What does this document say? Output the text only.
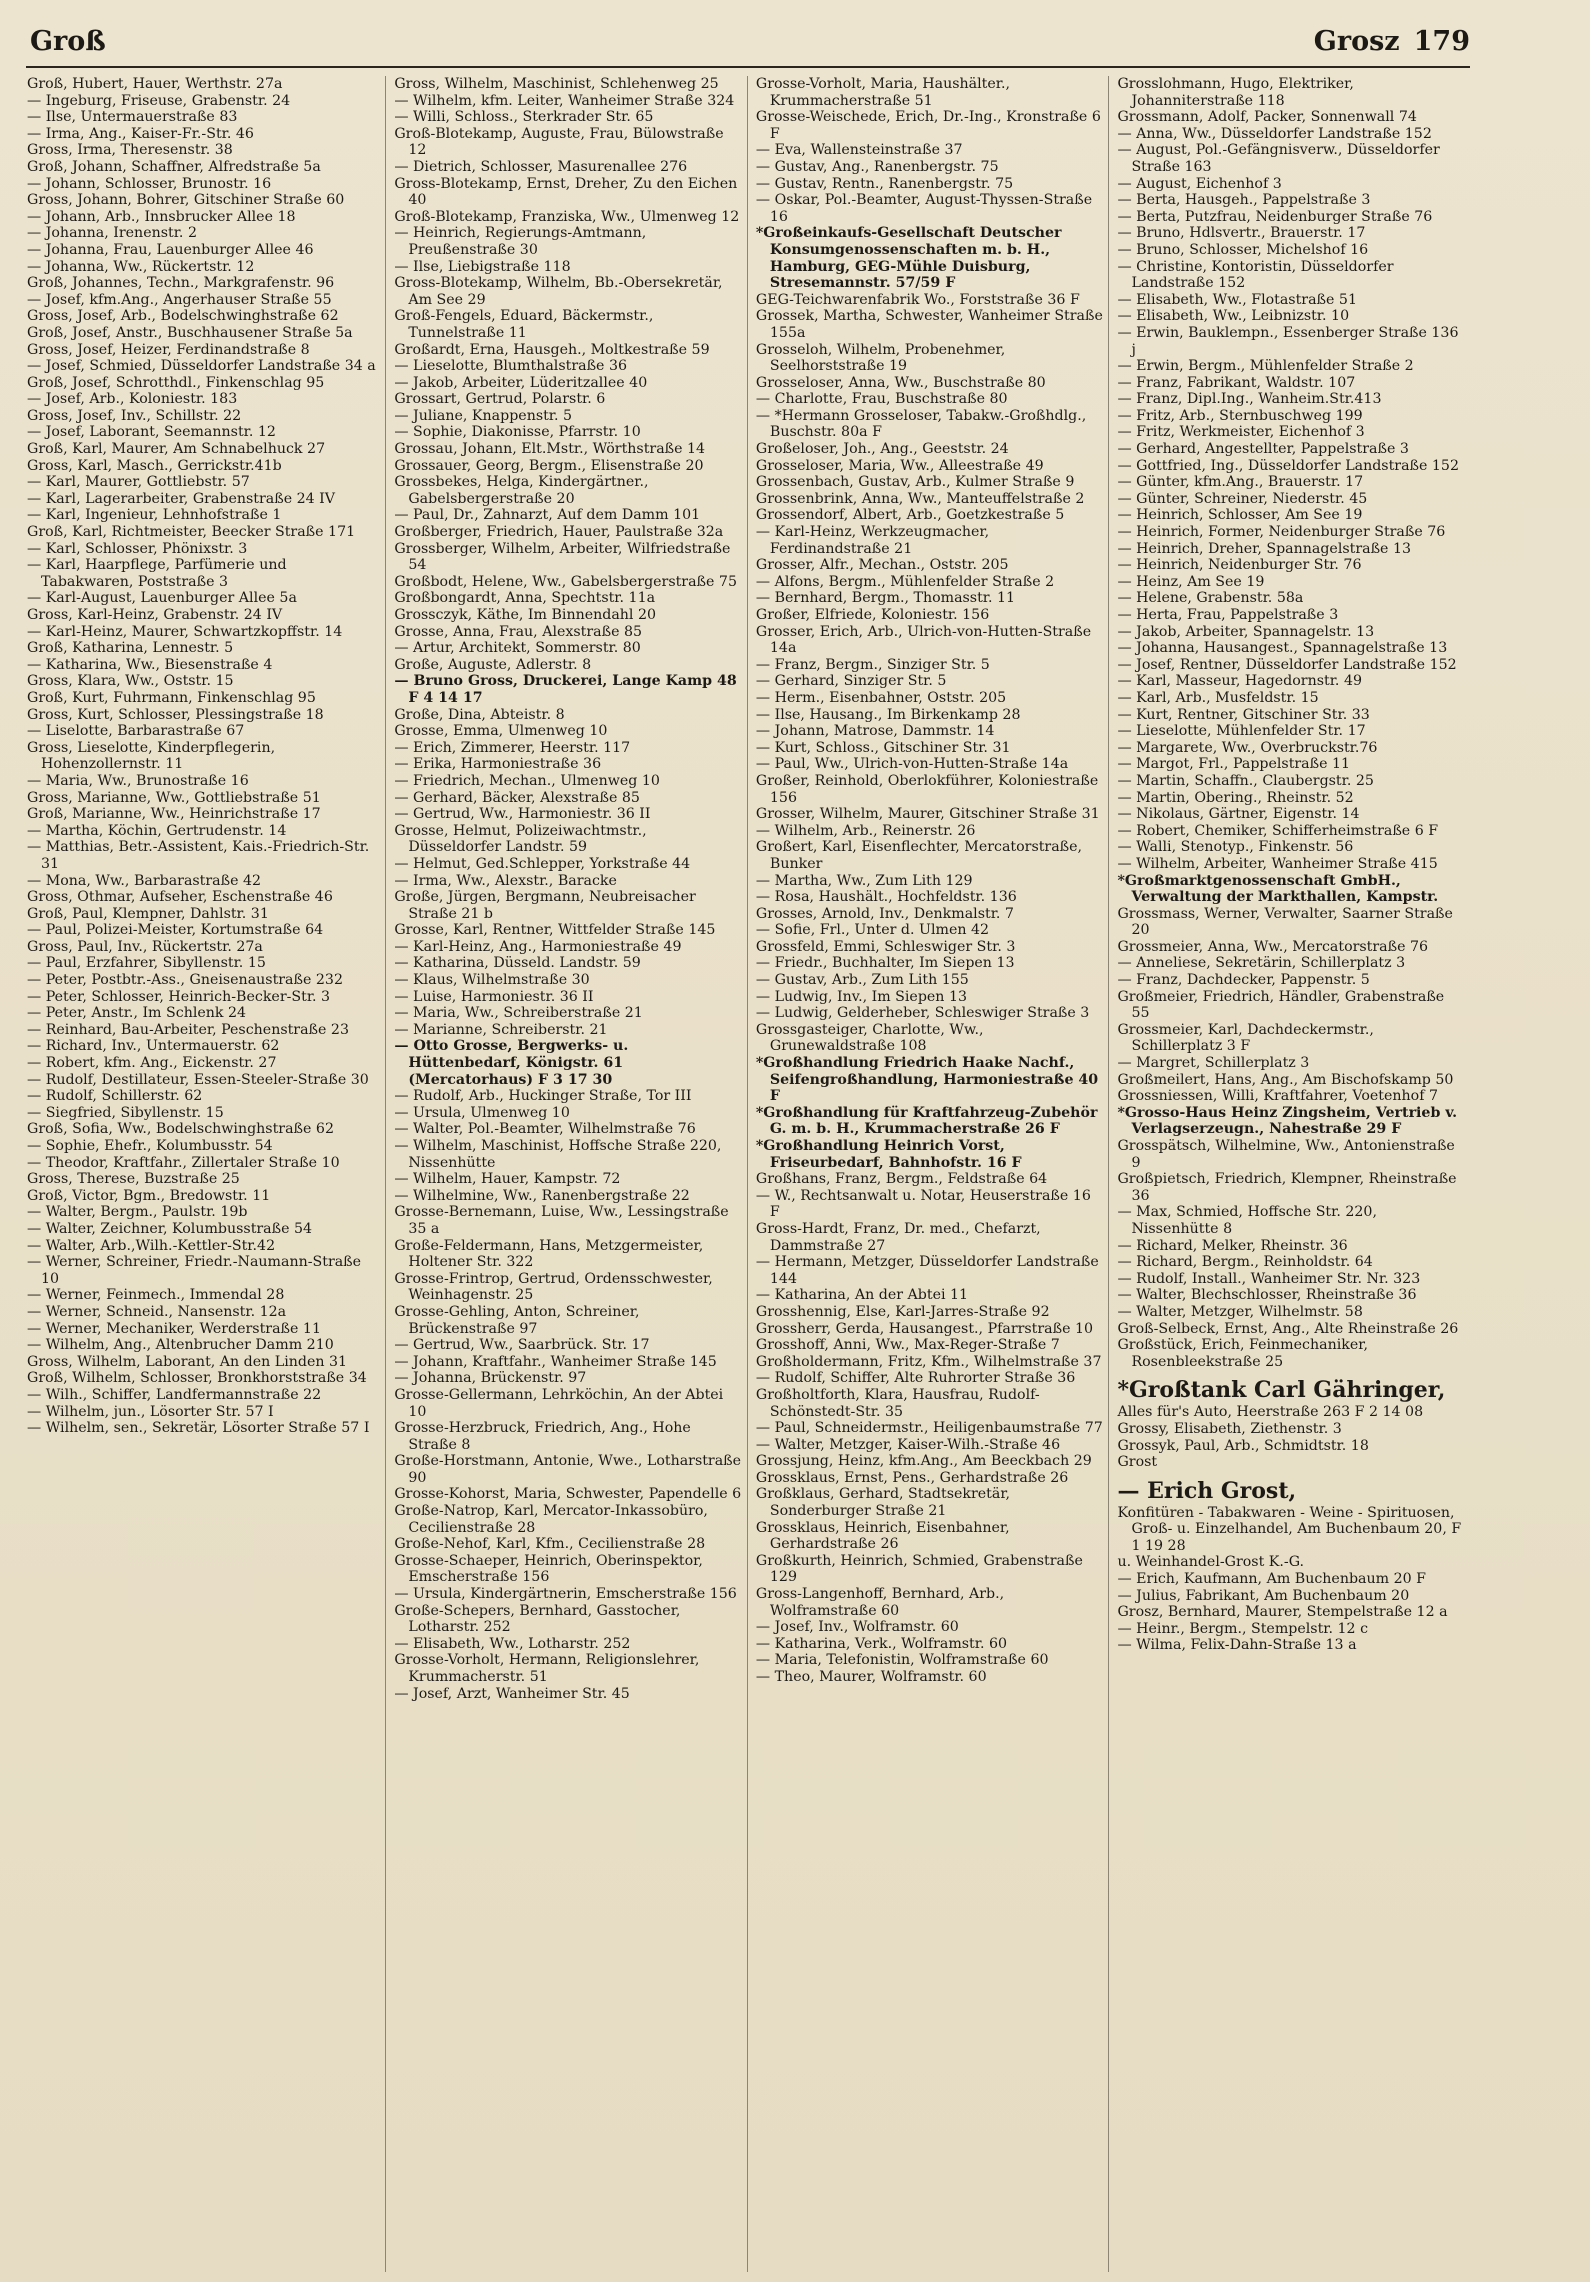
Groß	Grosz 179

Groß, Hubert, Hauer, Werthstr. 27a

— Ingeburg, Friseuse, Grabenstr. 24

— Ilse, Untermauerstraße 83

— Irma, Ang., Kaiser-Fr.-Str. 46

Gross, Irma, Theresenstr. 38

Groß, Johann, Schaffner, Alfredstraße 5a

— Johann, Schlosser, Brunostr. 16

Gross, Johann, Bohrer, Gitschiner Straße 60

— Johann, Arb., Innsbrucker Allee 18

— Johanna, Irenenstr. 2

— Johanna, Frau, Lauenburger Allee 46

— Johanna, Ww., Rückertstr. 12

Groß, Johannes, Techn., Markgrafenstr. 96

— Josef, kfm.Ang., Angerhauser Straße 55

Gross, Josef, Arb., Bodelschwinghstraße 62

Groß, Josef, Anstr., Buschhausener Straße 5a

Gross, Josef, Heizer, Ferdinandstraße 8

— Josef, Schmied, Düsseldorfer Landstraße 34 a

Groß, Josef, Schrotthdl., Finkenschlag 95

— Josef, Arb., Koloniestr. 183

Gross, Josef, Inv., Schillstr. 22

— Josef, Laborant, Seemannstr. 12

Groß, Karl, Maurer, Am Schnabelhuck 27

Gross, Karl, Masch., Gerrickstr.41b

— Karl, Maurer, Gottliebstr. 57

— Karl, Lagerarbeiter, Grabenstraße 24 IV

— Karl, Ingenieur, Lehnhofstraße 1

Groß, Karl, Richtmeister, Beecker Straße 171

— Karl, Schlosser, Phönixstr. 3

— Karl, Haarpflege, Parfümerie und Tabakwaren, Poststraße 3

— Karl-August, Lauenburger Allee 5a

Gross, Karl-Heinz, Grabenstr. 24 IV

— Karl-Heinz, Maurer, Schwartzkopffstr. 14

Groß, Katharina, Lennestr. 5

— Katharina, Ww., Biesenstraße 4

Gross, Klara, Ww., Oststr. 15

Groß, Kurt, Fuhrmann, Finkenschlag 95

Gross, Kurt, Schlosser, Plessingstraße 18

— Liselotte, Barbarastraße 67

Gross, Lieselotte, Kinderpflegerin, Hohenzollernstr. 11

— Maria, Ww., Brunostraße 16

Gross, Marianne, Ww., Gottliebstraße 51

Groß, Marianne, Ww., Heinrichstraße 17

— Martha, Köchin, Gertrudenstr. 14

— Matthias, Betr.-Assistent, Kais.-Friedrich-Str. 31

— Mona, Ww., Barbarastraße 42

Gross, Othmar, Aufseher, Eschenstraße 46

Groß, Paul, Klempner, Dahlstr. 31

— Paul, Polizei-Meister, Kortumstraße 64

Gross, Paul, Inv., Rückertstr. 27a

— Paul, Erzfahrer, Sibyllenstr. 15

— Peter, Postbtr.-Ass., Gneisenaustraße 232

— Peter, Schlosser, Heinrich-Becker-Str. 3

— Peter, Anstr., Im Schlenk 24

— Reinhard, Bau-Arbeiter, Peschenstraße 23

— Richard, Inv., Untermauerstr. 62

— Robert, kfm. Ang., Eickenstr. 27

— Rudolf, Destillateur, Essen-Steeler-Straße 30

— Rudolf, Schillerstr. 62

— Siegfried, Sibyllenstr. 15

Groß, Sofia, Ww., Bodelschwinghstraße 62

— Sophie, Ehefr., Kolumbusstr. 54

— Theodor, Kraftfahr., Zillertaler Straße 10

Gross, Therese, Buzstraße 25

Groß, Victor, Bgm., Bredowstr. 11

— Walter, Bergm., Paulstr. 19b

— Walter, Zeichner, Kolumbusstraße 54

— Walter, Arb.,Wilh.-Kettler-Str.42

— Werner, Schreiner, Friedr.-Naumann-Straße 10

— Werner, Feinmech., Immendal 28

— Werner, Schneid., Nansenstr. 12a

— Werner, Mechaniker, Werderstraße 11

— Wilhelm, Ang., Altenbrucher Damm 210

Gross, Wilhelm, Laborant, An den Linden 31

Groß, Wilhelm, Schlosser, Bronkhorststraße 34

— Wilh., Schiffer, Landfermannstraße 22

— Wilhelm, jun., Lösorter Str. 57 I

— Wilhelm, sen., Sekretär, Lösorter Straße 57 I

Gross, Wilhelm, Maschinist, Schlehenweg 25

— Wilhelm, kfm. Leiter, Wanheimer Straße 324

— Willi, Schloss., Sterkrader Str. 65

Groß-Blotekamp, Auguste, Frau, Bülowstraße 12

— Dietrich, Schlosser, Masurenallee 276

Gross-Blotekamp, Ernst, Dreher, Zu den Eichen 40

Groß-Blotekamp, Franziska, Ww., Ulmenweg 12

— Heinrich, Regierungs-Amtmann, Preußenstraße 30

— Ilse, Liebigstraße 118

Gross-Blotekamp, Wilhelm, Bb.-Obersekretär, Am See 29

Groß-Fengels, Eduard, Bäckermstr., Tunnelstraße 11

Großardt, Erna, Hausgeh., Moltkestraße 59

— Lieselotte, Blumthalstraße 36

— Jakob, Arbeiter, Lüderitzallee 40

Grossart, Gertrud, Polarstr. 6

— Juliane, Knappenstr. 5

— Sophie, Diakonisse, Pfarrstr. 10

Grossau, Johann, Elt.Mstr., Wörthstraße 14

Grossauer, Georg, Bergm., Elisenstraße 20

Grossbekes, Helga, Kindergärtner., Gabelsbergerstraße 20

— Paul, Dr., Zahnarzt, Auf dem Damm 101

Großberger, Friedrich, Hauer, Paulstraße 32a

Grossberger, Wilhelm, Arbeiter, Wilfriedstraße 54

Großbodt, Helene, Ww., Gabelsbergerstraße 75

Großbongardt, Anna, Spechtstr. 11a

Grossczyk, Käthe, Im Binnendahl 20

Grosse, Anna, Frau, Alexstraße 85

— Artur, Architekt, Sommerstr. 80

Große, Auguste, Adlerstr. 8

— Bruno Gross, Druckerei, Lange Kamp 48 F 4 14 17

Große, Dina, Abteistr. 8

Grosse, Emma, Ulmenweg 10

— Erich, Zimmerer, Heerstr. 117

— Erika, Harmoniestraße 36

— Friedrich, Mechan., Ulmenweg 10

— Gerhard, Bäcker, Alexstraße 85

— Gertrud, Ww., Harmoniestr. 36 II

Grosse, Helmut, Polizeiwachtmstr., Düsseldorfer Landstr. 59

— Helmut, Ged.Schlepper, Yorkstraße 44

— Irma, Ww., Alexstr., Baracke

Große, Jürgen, Bergmann, Neubreisacher Straße 21 b

Grosse, Karl, Rentner, Wittfelder Straße 145

— Karl-Heinz, Ang., Harmoniestraße 49

— Katharina, Düsseld. Landstr. 59

— Klaus, Wilhelmstraße 30

— Luise, Harmoniestr. 36 II

— Maria, Ww., Schreiberstraße 21

— Marianne, Schreiberstr. 21

— Otto Grosse, Bergwerks- u. Hüttenbedarf, Königstr. 61 (Mercatorhaus) F 3 17 30

— Rudolf, Arb., Huckinger Straße, Tor III

— Ursula, Ulmenweg 10

— Walter, Pol.-Beamter, Wilhelmstraße 76

— Wilhelm, Maschinist, Hoffsche Straße 220, Nissenhütte

— Wilhelm, Hauer, Kampstr. 72

— Wilhelmine, Ww., Ranenbergstraße 22

Grosse-Bernemann, Luise, Ww., Lessingstraße 35 a

Große-Feldermann, Hans, Metzgermeister, Holtener Str. 322

Grosse-Frintrop, Gertrud, Ordensschwester, Weinhagenstr. 25

Grosse-Gehling, Anton, Schreiner, Brückenstraße 97

— Gertrud, Ww., Saarbrück. Str. 17

— Johann, Kraftfahr., Wanheimer Straße 145

— Johanna, Brückenstr. 97

Grosse-Gellermann, Lehrköchin, An der Abtei 10

Grosse-Herzbruck, Friedrich, Ang., Hohe Straße 8

Große-Horstmann, Antonie, Wwe., Lotharstraße 90

Grosse-Kohorst, Maria, Schwester, Papendelle 6

Große-Natrop, Karl, Mercator-Inkassobüro, Cecilienstraße 28

Große-Nehof, Karl, Kfm., Cecilienstraße 28

Grosse-Schaeper, Heinrich, Oberinspektor, Emscherstraße 156

— Ursula, Kindergärtnerin, Emscherstraße 156

Große-Schepers, Bernhard, Gasstocher, Lotharstr. 252

— Elisabeth, Ww., Lotharstr. 252

Grosse-Vorholt, Hermann, Religionslehrer, Krummacherstr. 51

— Josef, Arzt, Wanheimer Str. 45

Grosse-Vorholt, Maria, Haushälter., Krummacherstraße 51

Grosse-Weischede, Erich, Dr.-Ing., Kronstraße 6 F

— Eva, Wallensteinstraße 37

— Gustav, Ang., Ranenbergstr. 75

— Gustav, Rentn., Ranenbergstr. 75

— Oskar, Pol.-Beamter, August-Thyssen-Straße 16

*Großeinkaufs-Gesellschaft Deutscher Konsumgenossenschaften m. b. H., Hamburg, GEG-Mühle Duisburg, Stresemannstr. 57/59 F

GEG-Teichwarenfabrik Wo., Forststraße 36 F

Grossek, Martha, Schwester, Wanheimer Straße 155a

Grosseloh, Wilhelm, Probenehmer, Seelhorststraße 19

Grosseloser, Anna, Ww., Buschstraße 80

— Charlotte, Frau, Buschstraße 80

— *Hermann Grosseloser, Tabakw.-Großhdlg., Buschstr. 80a F

Großeloser, Joh., Ang., Geeststr. 24

Grosseloser, Maria, Ww., Alleestraße 49

Grossenbach, Gustav, Arb., Kulmer Straße 9

Grossenbrink, Anna, Ww., Manteuffelstraße 2

Grossendorf, Albert, Arb., Goetzkestraße 5

— Karl-Heinz, Werkzeugmacher, Ferdinandstraße 21

Grosser, Alfr., Mechan., Oststr. 205

— Alfons, Bergm., Mühlenfelder Straße 2

— Bernhard, Bergm., Thomasstr. 11

Großer, Elfriede, Koloniestr. 156

Grosser, Erich, Arb., Ulrich-von-Hutten-Straße 14a

— Franz, Bergm., Sinziger Str. 5

— Gerhard, Sinziger Str. 5

— Herm., Eisenbahner, Oststr. 205

— Ilse, Hausang., Im Birkenkamp 28

— Johann, Matrose, Dammstr. 14

— Kurt, Schloss., Gitschiner Str. 31

— Paul, Ww., Ulrich-von-Hutten-Straße 14a

Großer, Reinhold, Oberlokführer, Koloniestraße 156

Grosser, Wilhelm, Maurer, Gitschiner Straße 31

— Wilhelm, Arb., Reinerstr. 26

Großert, Karl, Eisenflechter, Mercatorstraße, Bunker

— Martha, Ww., Zum Lith 129

— Rosa, Haushält., Hochfeldstr. 136

Grosses, Arnold, Inv., Denkmalstr. 7

— Sofie, Frl., Unter d. Ulmen 42

Grossfeld, Emmi, Schleswiger Str. 3

— Friedr., Buchhalter, Im Siepen 13

— Gustav, Arb., Zum Lith 155

— Ludwig, Inv., Im Siepen 13

— Ludwig, Gelderheber, Schleswiger Straße 3

Grossgasteiger, Charlotte, Ww., Grunewaldstraße 108

*Großhandlung Friedrich Haake Nachf., Seifengroßhandlung, Harmoniestraße 40 F

*Großhandlung für Kraftfahrzeug-Zubehör G. m. b. H., Krummacherstraße 26 F

*Großhandlung Heinrich Vorst, Friseurbedarf, Bahnhofstr. 16 F

Großhans, Franz, Bergm., Feldstraße 64

— W., Rechtsanwalt u. Notar, Heuserstraße 16 F

Gross-Hardt, Franz, Dr. med., Chefarzt, Dammstraße 27

— Hermann, Metzger, Düsseldorfer Landstraße 144

— Katharina, An der Abtei 11

Grosshennig, Else, Karl-Jarres-Straße 92

Grossherr, Gerda, Hausangest., Pfarrstraße 10

Grosshoff, Anni, Ww., Max-Reger-Straße 7

Großholdermann, Fritz, Kfm., Wilhelmstraße 37

— Rudolf, Schiffer, Alte Ruhrorter Straße 36

Großholtforth, Klara, Hausfrau, Rudolf-Schönstedt-Str. 35

— Paul, Schneidermstr., Heiligenbaumstraße 77

— Walter, Metzger, Kaiser-Wilh.-Straße 46

Grossjung, Heinz, kfm.Ang., Am Beeckbach 29

Grossklaus, Ernst, Pens., Gerhardstraße 26

Großklaus, Gerhard, Stadtsekretär, Sonderburger Straße 21

Grossklaus, Heinrich, Eisenbahner, Gerhardstraße 26

Großkurth, Heinrich, Schmied, Grabenstraße 129

Gross-Langenhoff, Bernhard, Arb., Wolframstraße 60

— Josef, Inv., Wolframstr. 60

— Katharina, Verk., Wolframstr. 60

— Maria, Telefonistin, Wolframstraße 60

— Theo, Maurer, Wolframstr. 60

Grosslohmann, Hugo, Elektriker, Johanniterstraße 118

Grossmann, Adolf, Packer, Sonnenwall 74

— Anna, Ww., Düsseldorfer Landstraße 152

— August, Pol.-Gefängnisverw., Düsseldorfer Straße 163

— August, Eichenhof 3

— Berta, Hausgeh., Pappelstraße 3

— Berta, Putzfrau, Neidenburger Straße 76

— Bruno, Hdlsvertr., Brauerstr. 17

— Bruno, Schlosser, Michelshof 16

— Christine, Kontoristin, Düsseldorfer Landstraße 152

— Elisabeth, Ww., Flotastraße 51

— Elisabeth, Ww., Leibnizstr. 10

— Erwin, Bauklempn., Essenberger Straße 136 j

— Erwin, Bergm., Mühlenfelder Straße 2

— Franz, Fabrikant, Waldstr. 107

— Franz, Dipl.Ing., Wanheim.Str.413

— Fritz, Arb., Sternbuschweg 199

— Fritz, Werkmeister, Eichenhof 3

— Gerhard, Angestellter, Pappelstraße 3

— Gottfried, Ing., Düsseldorfer Landstraße 152

— Günter, kfm.Ang., Brauerstr. 17

— Günter, Schreiner, Niederstr. 45

— Heinrich, Schlosser, Am See 19

— Heinrich, Former, Neidenburger Straße 76

— Heinrich, Dreher, Spannagelstraße 13

— Heinrich, Neidenburger Str. 76

— Heinz, Am See 19

— Helene, Grabenstr. 58a

— Herta, Frau, Pappelstraße 3

— Jakob, Arbeiter, Spannagelstr. 13

— Johanna, Hausangest., Spannagelstraße 13

— Josef, Rentner, Düsseldorfer Landstraße 152

— Karl, Masseur, Hagedornstr. 49

— Karl, Arb., Musfeldstr. 15

— Kurt, Rentner, Gitschiner Str. 33

— Lieselotte, Mühlenfelder Str. 17

— Margarete, Ww., Overbruckstr.76

— Margot, Frl., Pappelstraße 11

— Martin, Schaffn., Claubergstr. 25

— Martin, Obering., Rheinstr. 52

— Nikolaus, Gärtner, Eigenstr. 14

— Robert, Chemiker, Schifferheimstraße 6 F

— Walli, Stenotyp., Finkenstr. 56

— Wilhelm, Arbeiter, Wanheimer Straße 415

*Großmarktgenossenschaft GmbH., Verwaltung der Markthallen, Kampstr.

Grossmass, Werner, Verwalter, Saarner Straße 20

Grossmeier, Anna, Ww., Mercatorstraße 76

— Anneliese, Sekretärin, Schillerplatz 3

— Franz, Dachdecker, Pappenstr. 5

Großmeier, Friedrich, Händler, Grabenstraße 55

Grossmeier, Karl, Dachdeckermstr., Schillerplatz 3 F

— Margret, Schillerplatz 3

Großmeilert, Hans, Ang., Am Bischofskamp 50

Grossniessen, Willi, Kraftfahrer, Voetenhof 7

*Grosso-Haus Heinz Zingsheim, Vertrieb v. Verlagserzeugn., Nahestraße 29 F

Grosspätsch, Wilhelmine, Ww., Antonienstraße 9

Großpietsch, Friedrich, Klempner, Rheinstraße 36

— Max, Schmied, Hoffsche Str. 220, Nissenhütte 8

— Richard, Melker, Rheinstr. 36

— Richard, Bergm., Reinholdstr. 64

— Rudolf, Install., Wanheimer Str. Nr. 323

— Walter, Blechschlosser, Rheinstraße 36

— Walter, Metzger, Wilhelmstr. 58

Groß-Selbeck, Ernst, Ang., Alte Rheinstraße 26

Großstück, Erich, Feinmechaniker, Rosenbleekstraße 25

*Großtank Carl Gähringer,

Alles für's Auto, Heerstraße 263 F 2 14 08

Grossy, Elisabeth, Ziethenstr. 3

Grossyk, Paul, Arb., Schmidtstr. 18

Grost

— Erich Grost,

Konfitüren - Tabakwaren - Weine - Spirituosen, Groß- u. Einzelhandel, Am Buchenbaum 20, F 1 19 28

u. Weinhandel-Grost K.-G.

— Erich, Kaufmann, Am Buchenbaum 20 F

— Julius, Fabrikant, Am Buchenbaum 20

Grosz, Bernhard, Maurer, Stempelstraße 12 a

— Heinr., Bergm., Stempelstr. 12 c

— Wilma, Felix-Dahn-Straße 13 a
